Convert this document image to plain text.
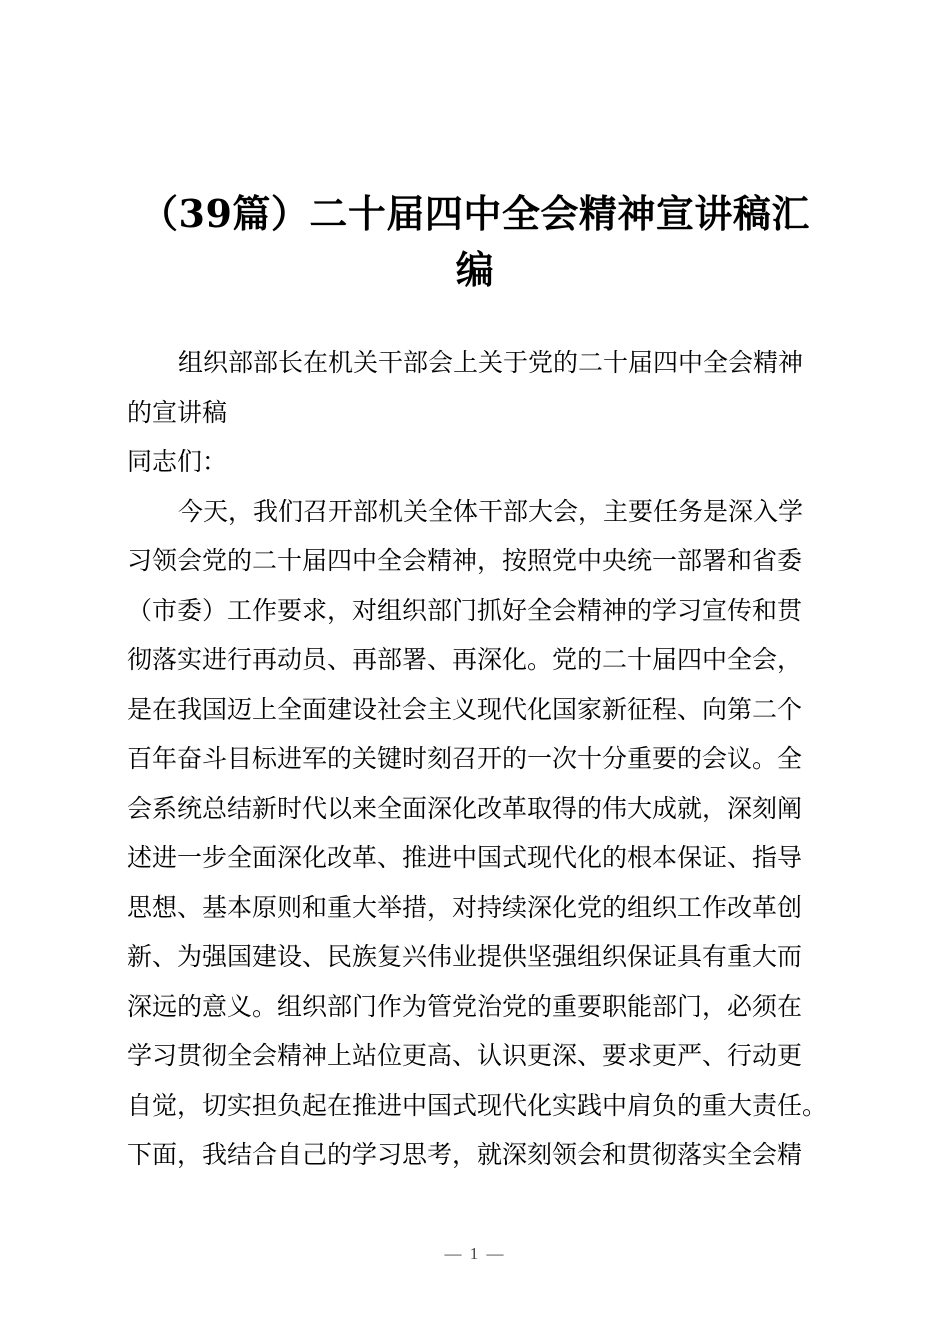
（39篇）二十届四中全会精神宣讲稿汇
编
组织部部长在机关干部会上关于党的二十届四中全会精神
的宣讲稿
同志们：
今天，我们召开部机关全体干部大会，主要任务是深入学
习领会党的二十届四中全会精神，按照党中央统一部署和省委
（市委）工作要求，对组织部门抓好全会精神的学习宣传和贯
彻落实进行再动员、再部署、再深化。党的二十届四中全会，
是在我国迈上全面建设社会主义现代化国家新征程、向第二个
百年奋斗目标进军的关键时刻召开的一次十分重要的会议。全
会系统总结新时代以来全面深化改革取得的伟大成就，深刻阐
述进一步全面深化改革、推进中国式现代化的根本保证、指导
思想、基本原则和重大举措，对持续深化党的组织工作改革创
新、为强国建设、民族复兴伟业提供坚强组织保证具有重大而
深远的意义。组织部门作为管党治党的重要职能部门，必须在
学习贯彻全会精神上站位更高、认识更深、要求更严、行动更
自觉，切实担负起在推进中国式现代化实践中肩负的重大责任。
下面，我结合自己的学习思考，就深刻领会和贯彻落实全会精
— 1 —
